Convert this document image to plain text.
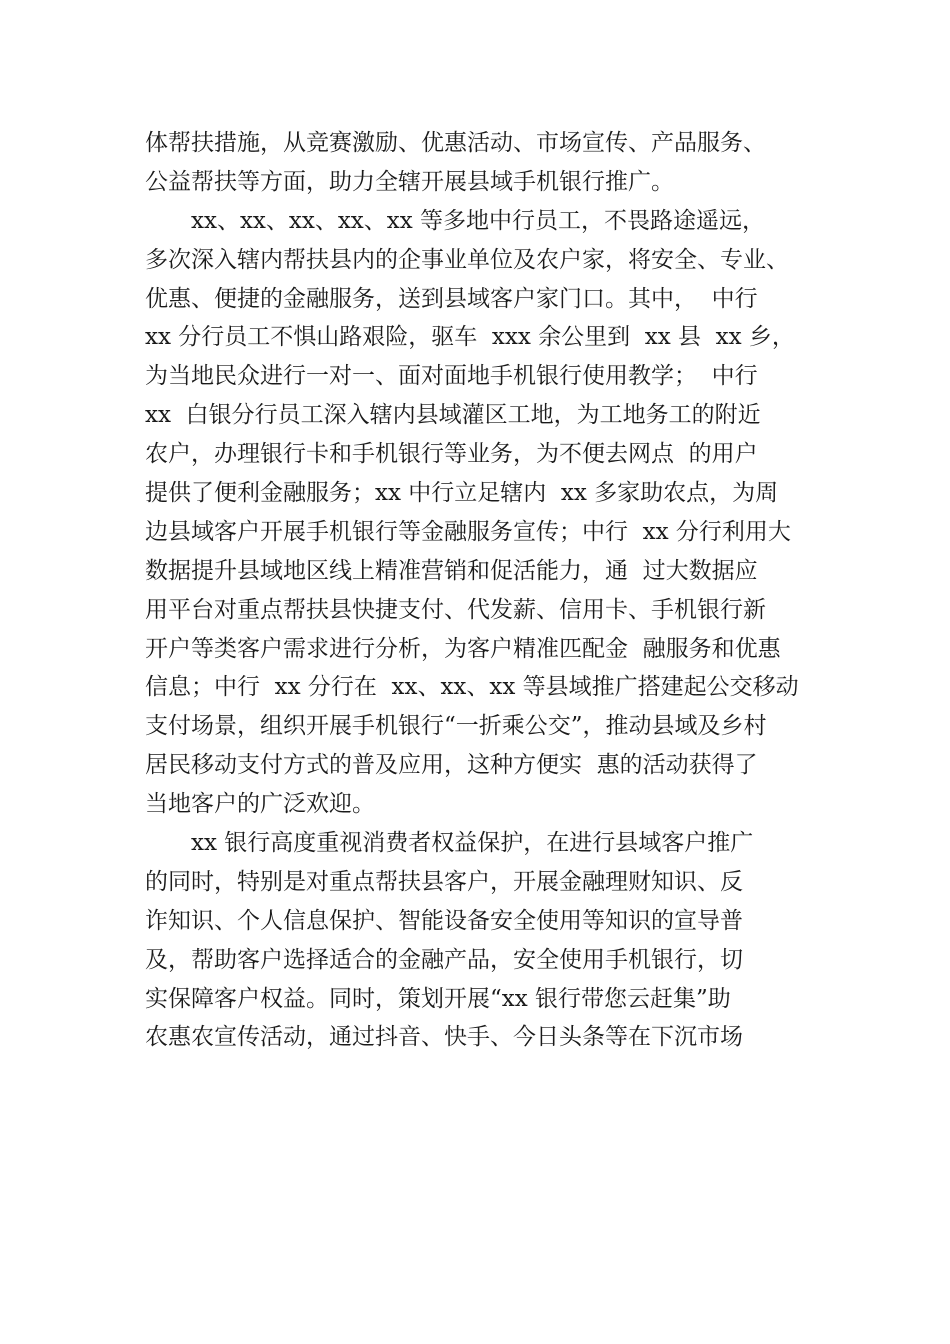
体帮扶措施，从竞赛激励、优惠活动、市场宣传、产品服务、
公益帮扶等方面，助力全辖开展县域手机银行推广。
xx、xx、xx、xx、xx 等多地中行员工，不畏路途遥远，
多次深入辖内帮扶县内的企事业单位及农户家，将安全、专业、
优惠、便捷的金融服务，送到县域客户家门口。其中，  中行
xx 分行员工不惧山路艰险，驱车  xxx 余公里到  xx 县  xx 乡，
为当地民众进行一对一、面对面地手机银行使用教学；  中行
xx  白银分行员工深入辖内县域灌区工地，为工地务工的附近
农户，办理银行卡和手机银行等业务，为不便去网点  的用户
提供了便利金融服务；xx 中行立足辖内  xx 多家助农点，为周
边县域客户开展手机银行等金融服务宣传；中行  xx 分行利用大
数据提升县域地区线上精准营销和促活能力，通  过大数据应
用平台对重点帮扶县快捷支付、代发薪、信用卡、手机银行新
开户等类客户需求进行分析，为客户精准匹配金  融服务和优惠
信息；中行  xx 分行在  xx、xx、xx 等县域推广搭建起公交移动
支付场景，组织开展手机银行“一折乘公交”，推动县域及乡村
居民移动支付方式的普及应用，这种方便实  惠的活动获得了
当地客户的广泛欢迎。
xx 银行高度重视消费者权益保护，在进行县域客户推广
的同时，特别是对重点帮扶县客户，开展金融理财知识、反
诈知识、个人信息保护、智能设备安全使用等知识的宣导普
及，帮助客户选择适合的金融产品，安全使用手机银行，切
实保障客户权益。同时，策划开展“xx 银行带您云赶集”助
农惠农宣传活动，通过抖音、快手、今日头条等在下沉市场
